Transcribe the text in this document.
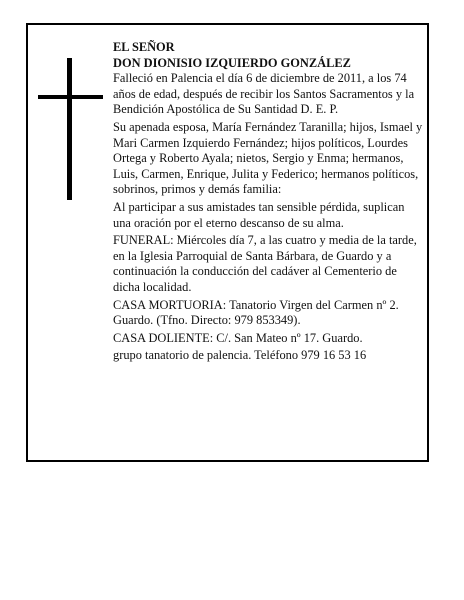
EL SEÑOR
DON DIONISIO IZQUIERDO GONZÁLEZ

Falleció en Palencia el día 6 de diciembre de 2011, a los 74 años de edad, después de recibir los Santos Sacramentos y la Bendición Apostólica de Su Santidad D. E. P.

Su apenada esposa, María Fernández Taranilla; hijos, Ismael y Mari Carmen Izquierdo Fernández; hijos políticos, Lourdes Ortega y Roberto Ayala; nietos, Sergio y Enma; hermanos, Luis, Carmen, Enrique, Julita y Federico; hermanos políticos, sobrinos, primos y demás familia:

Al participar a sus amistades tan sensible pérdida, suplican una oración por el eterno descanso de su alma.

FUNERAL: Miércoles día 7, a las cuatro y media de la tarde, en la Iglesia Parroquial de Santa Bárbara, de Guardo y a continuación la conducción del cadáver al Cementerio de dicha localidad.

CASA MORTUORIA: Tanatorio Virgen del Carmen nº 2. Guardo. (Tfno. Directo: 979 853349).

CASA DOLIENTE: C/. San Mateo nº 17. Guardo.

grupo tanatorio de palencia. Teléfono 979 16 53 16
